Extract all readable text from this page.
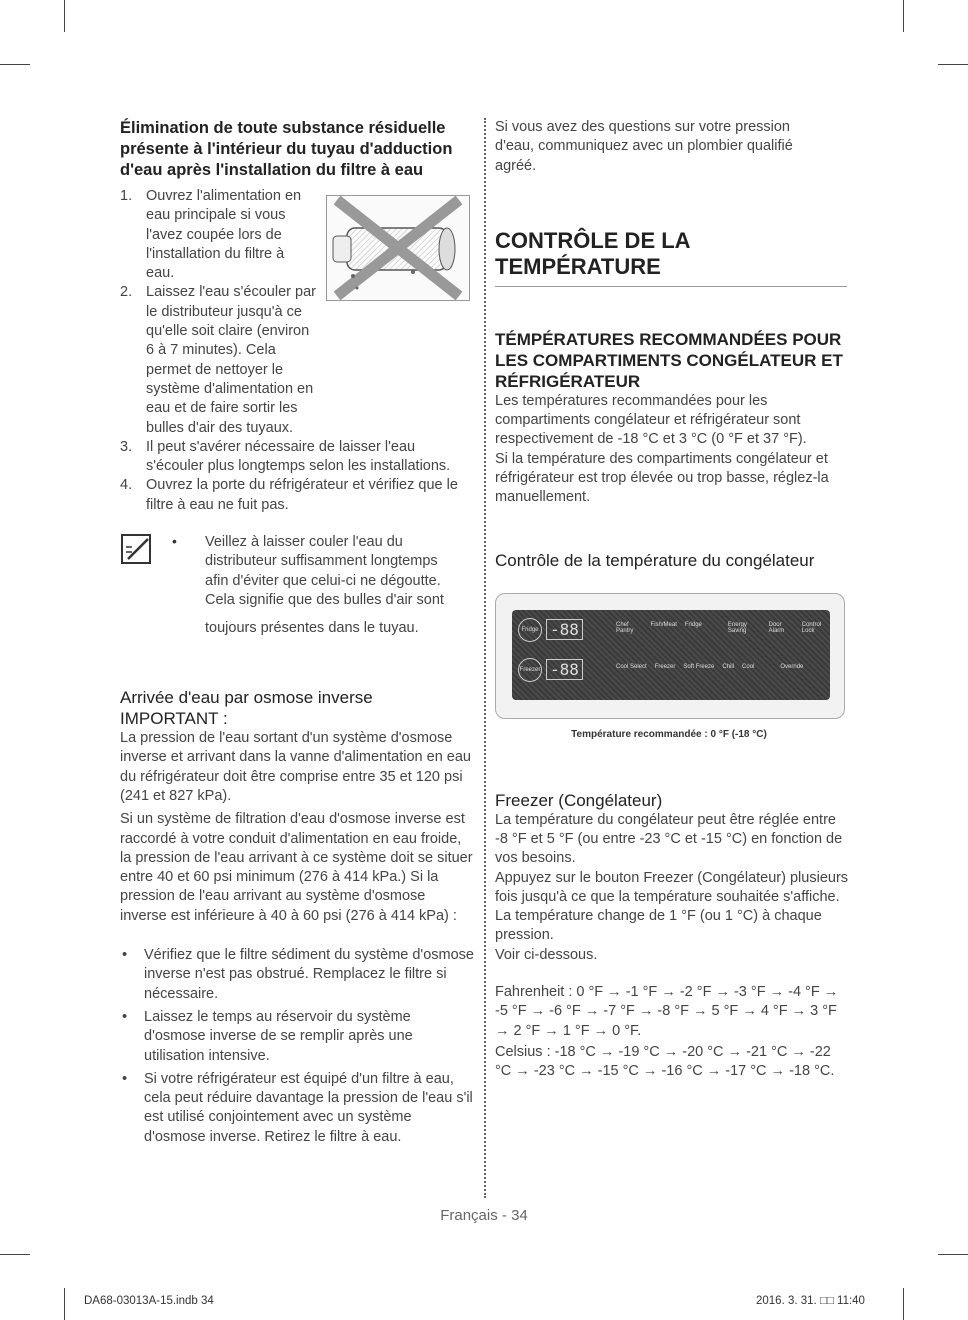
Élimination de toute substance résiduelle présente à l'intérieur du tuyau d'adduction d'eau après l'installation du filtre à eau
1. Ouvrez l'alimentation en eau principale si vous l'avez coupée lors de l'installation du filtre à eau.
2. Laissez l'eau s'écouler par le distributeur jusqu'à ce qu'elle soit claire (environ 6 à 7 minutes). Cela permet de nettoyer le système d'alimentation en eau et de faire sortir les bulles d'air des tuyaux.
3. Il peut s'avérer nécessaire de laisser l'eau s'écouler plus longtemps selon les installations.
4. Ouvrez la porte du réfrigérateur et vérifiez que le filtre à eau ne fuit pas.
• Veillez à laisser couler l'eau du distributeur suffisamment longtemps afin d'éviter que celui-ci ne dégoutte. Cela signifie que des bulles d'air sont

toujours présentes dans le tuyau.

Arrivée d'eau par osmose inverse
IMPORTANT :

La pression de l'eau sortant d'un système d'osmose inverse et arrivant dans la vanne d'alimentation en eau du réfrigérateur doit être comprise entre 35 et 120 psi (241 et 827 kPa).

Si un système de filtration d'eau d'osmose inverse est raccordé à votre conduit d'alimentation en eau froide, la pression de l'eau arrivant à ce système doit se situer entre 40 et 60 psi minimum (276 à 414 kPa.) Si la pression de l'eau arrivant au système d'osmose inverse est inférieure à 40 à 60 psi (276 à 414 kPa) :

• Vérifiez que le filtre sédiment du système d'osmose inverse n'est pas obstrué. Remplacez le filtre si nécessaire.
• Laissez le temps au réservoir du système d'osmose inverse de se remplir après une utilisation intensive.
• Si votre réfrigérateur est équipé d'un filtre à eau, cela peut réduire davantage la pression de l'eau s'il est utilisé conjointement avec un système d'osmose inverse. Retirez le filtre à eau.

Si vous avez des questions sur votre pression d'eau, communiquez avec un plombier qualifié agréé.

CONTRÔLE DE LA TEMPÉRATURE
TÉMPÉRATURES RECOMMANDÉES POUR LES COMPARTIMENTS CONGÉLATEUR ET RÉFRIGÉRATEUR

Les températures recommandées pour les compartiments congélateur et réfrigérateur sont respectivement de -18 °C et 3 °C (0 °F et 37 °F).

Si la température des compartiments congélateur et réfrigérateur est trop élevée ou trop basse, réglez-la manuellement.

Contrôle de la température du congélateur
Fridge -88	Chef Pantry
Fish/Meat Fridge	Energy Saving
Door Alarm
Control Lock
Freezer -88	Cool Select Freezer Soft Freeze Chill Cool	Override

Température recommandée : 0 °F (-18 °C)

Freezer (Congélateur)

La température du congélateur peut être réglée entre -8 °F et 5 °F (ou entre -23 °C et -15 °C) en fonction de vos besoins.

Appuyez sur le bouton Freezer (Congélateur) plusieurs fois jusqu'à ce que la température souhaitée s'affiche. La température change de 1 °F (ou 1 °C) à chaque pression.

Voir ci-dessous.

Fahrenheit : 0 °F → -1 °F → -2 °F → -3 °F → -4 °F → -5 °F → -6 °F → -7 °F → -8 °F → 5 °F → 4 °F → 3 °F → 2 °F → 1 °F → 0 °F.

Celsius : -18 °C → -19 °C → -20 °C → -21 °C → -22 °C → -23 °C → -15 °C → -16 °C → -17 °C → -18 °C.

Français - 34
DA68-03013A-15.indb 34	2016. 3. 31. □□ 11:40
